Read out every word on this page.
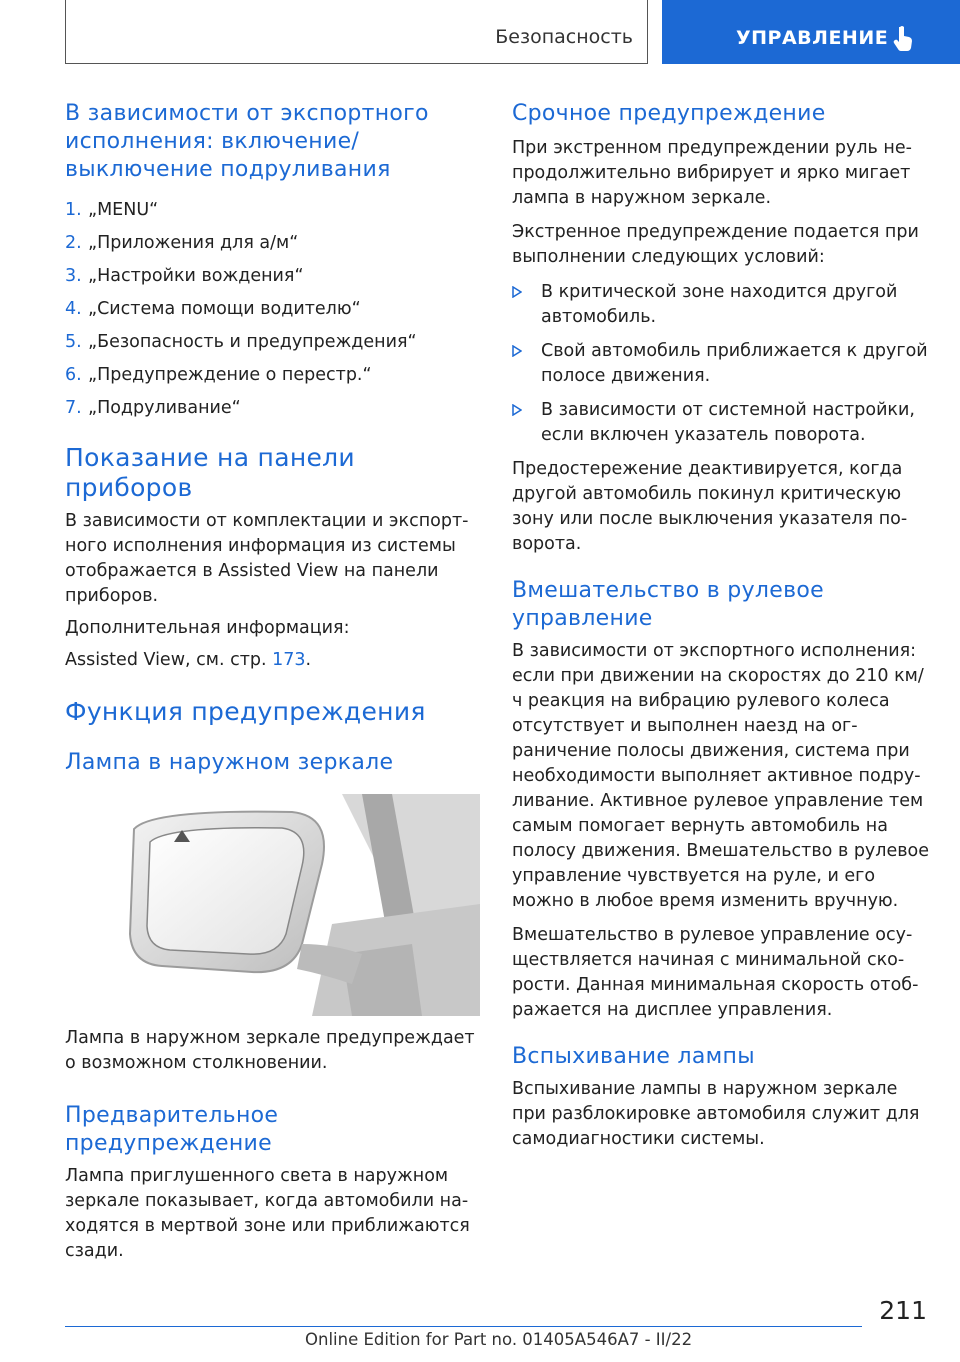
Безопасность	УПРАВЛЕНИЕ
В зависимости от экспортного исполнения: включение/выключение подруливания
1. „MENU“
2. „Приложения для а/м“
3. „Настройки вождения“
4. „Система помощи водителю“
5. „Безопасность и предупреждения“
6. „Предупреждение о перестр.“
7. „Подруливание“
Показание на панели приборов

В зависимости от комплектации и экспортного исполнения информация из системы отображается в Assisted View на панели приборов.

Дополнительная информация:

Assisted View, см. стр. 173.

Функция предупреждения
Лампа в наружном зеркале

Лампа в наружном зеркале предупреждает о возможном столкновении.

Предварительное предупреждение

Лампа приглушенного света в наружном зеркале показывает, когда автомобили находятся в мертвой зоне или приближаются сзади.

Срочное предупреждение

При экстренном предупреждении руль непродолжительно вибрирует и ярко мигает лампа в наружном зеркале.

Экстренное предупреждение подается при выполнении следующих условий:

В критической зоне находится другой автомобиль.
Свой автомобиль приближается к другой полосе движения.
В зависимости от системной настройки, если включен указатель поворота.

Предостережение деактивируется, когда другой автомобиль покинул критическую зону или после выключения указателя поворота.

Вмешательство в рулевое управление

В зависимости от экспортного исполнения: если при движении на скоростях до 210 км/ч реакция на вибрацию рулевого колеса отсутствует и выполнен наезд на ограничение полосы движения, система при необходимости выполняет активное подруливание. Активное рулевое управление тем самым помогает вернуть автомобиль на полосу движения. Вмешательство в рулевое управление чувствуется на руле, и его можно в любое время изменить вручную.

Вмешательство в рулевое управление осуществляется начиная с минимальной скорости. Данная минимальная скорость отображается на дисплее управления.

Вспыхивание лампы

Вспыхивание лампы в наружном зеркале при разблокировке автомобиля служит для самодиагностики системы.

211
Online Edition for Part no. 01405A546A7 - II/22
